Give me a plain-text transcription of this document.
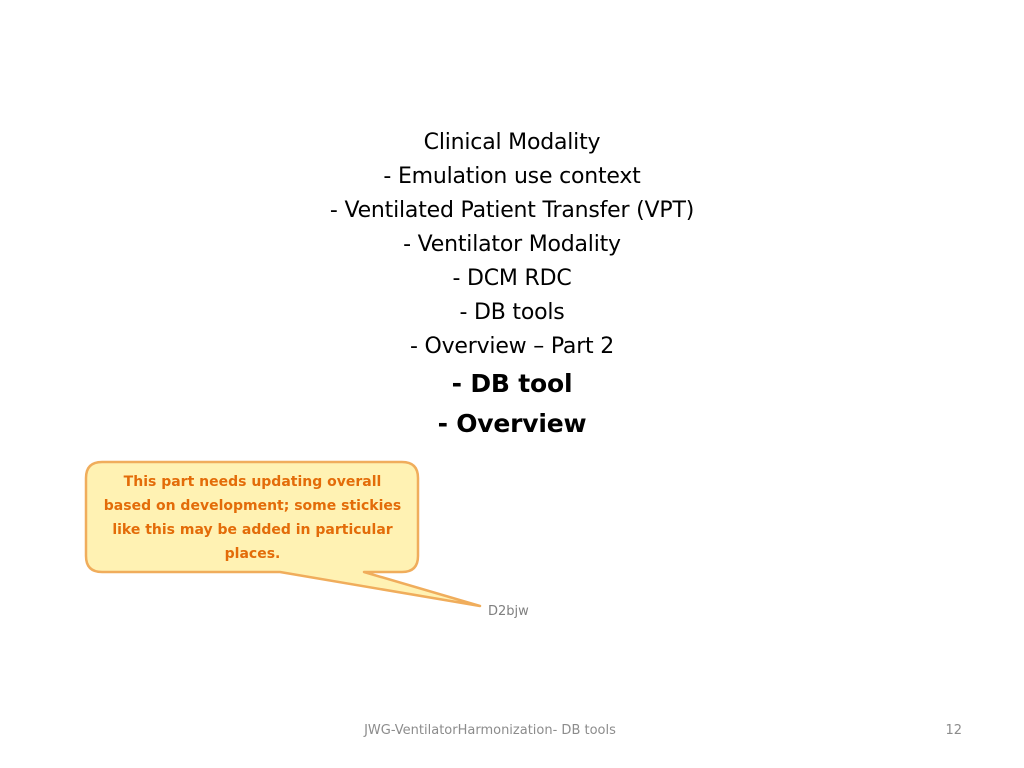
Clinical Modality
- Emulation use context
- Ventilated Patient Transfer (VPT)
- Ventilator Modality
- DCM RDC
- DB tools
- Overview – Part 2
- DB tool
- Overview
This part needs updating overall based on development; some stickies like this may be added in particular places.
D2bjw
JWG-VentilatorHarmonization- DB tools	12
